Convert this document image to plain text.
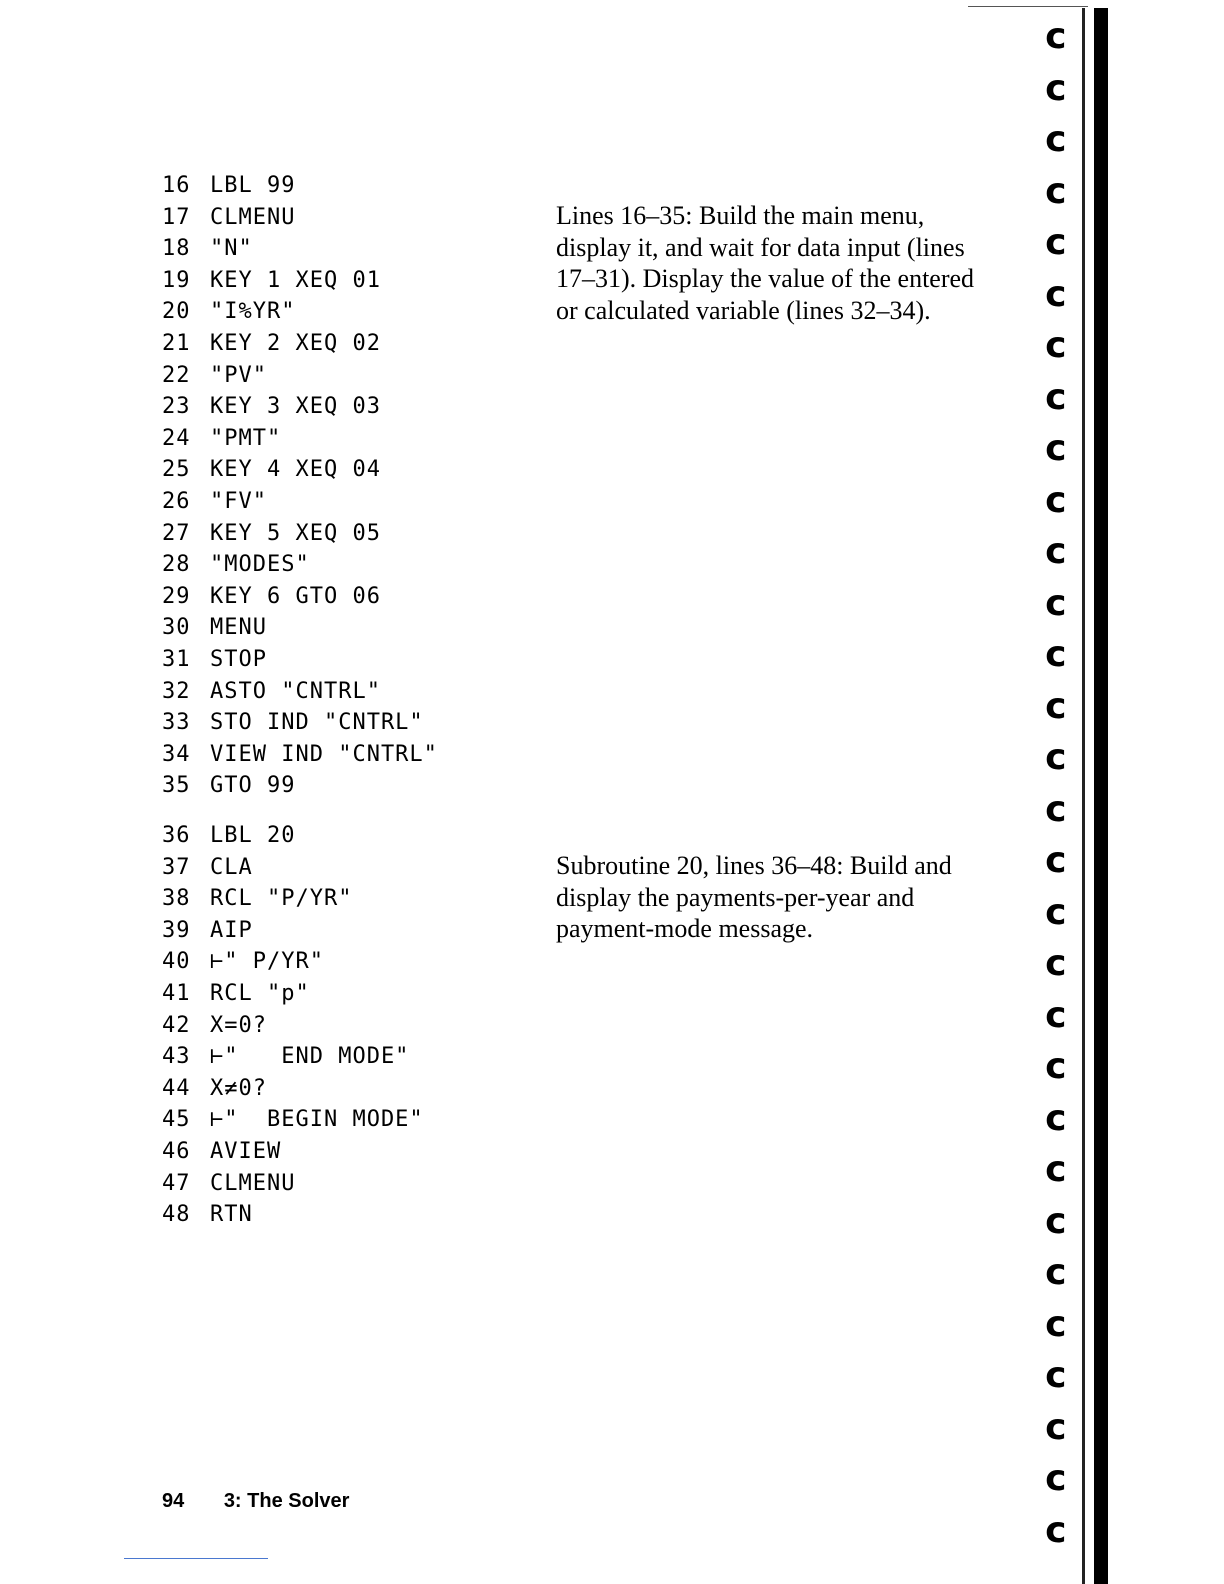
16 LBL 99
17 CLMENU
18 "N"
19 KEY 1 XEQ 01
20 "I%YR"
21 KEY 2 XEQ 02
22 "PV"
23 KEY 3 XEQ 03
24 "PMT"
25 KEY 4 XEQ 04
26 "FV"
27 KEY 5 XEQ 05
28 "MODES"
29 KEY 6 GTO 06
30 MENU
31 STOP
32 ASTO "CNTRL"
33 STO IND "CNTRL"
34 VIEW IND "CNTRL"
35 GTO 99
36 LBL 20
37 CLA
38 RCL "P/YR"
39 AIP
40 ⊢" P/YR"
41 RCL "p"
42 X=0?
43 ⊢"   END MODE"
44 X≠0?
45 ⊢"  BEGIN MODE"
46 AVIEW
47 CLMENU
48 RTN

Lines 16–35: Build the main menu, display it, and wait for data input (lines 17–31). Display the value of the entered or calculated variable (lines 32–34).

Subroutine 20, lines 36–48: Build and display the payments-per-year and payment-mode message.

94 3: The Solver
ɔ
ɔ
ɔ
ɔ
ɔ
ɔ
ɔ
ɔ
ɔ
ɔ
ɔ
ɔ
ɔ
ɔ
ɔ
ɔ
ɔ
ɔ
ɔ
ɔ
ɔ
ɔ
ɔ
ɔ
ɔ
ɔ
ɔ
ɔ
ɔ
ɔ
